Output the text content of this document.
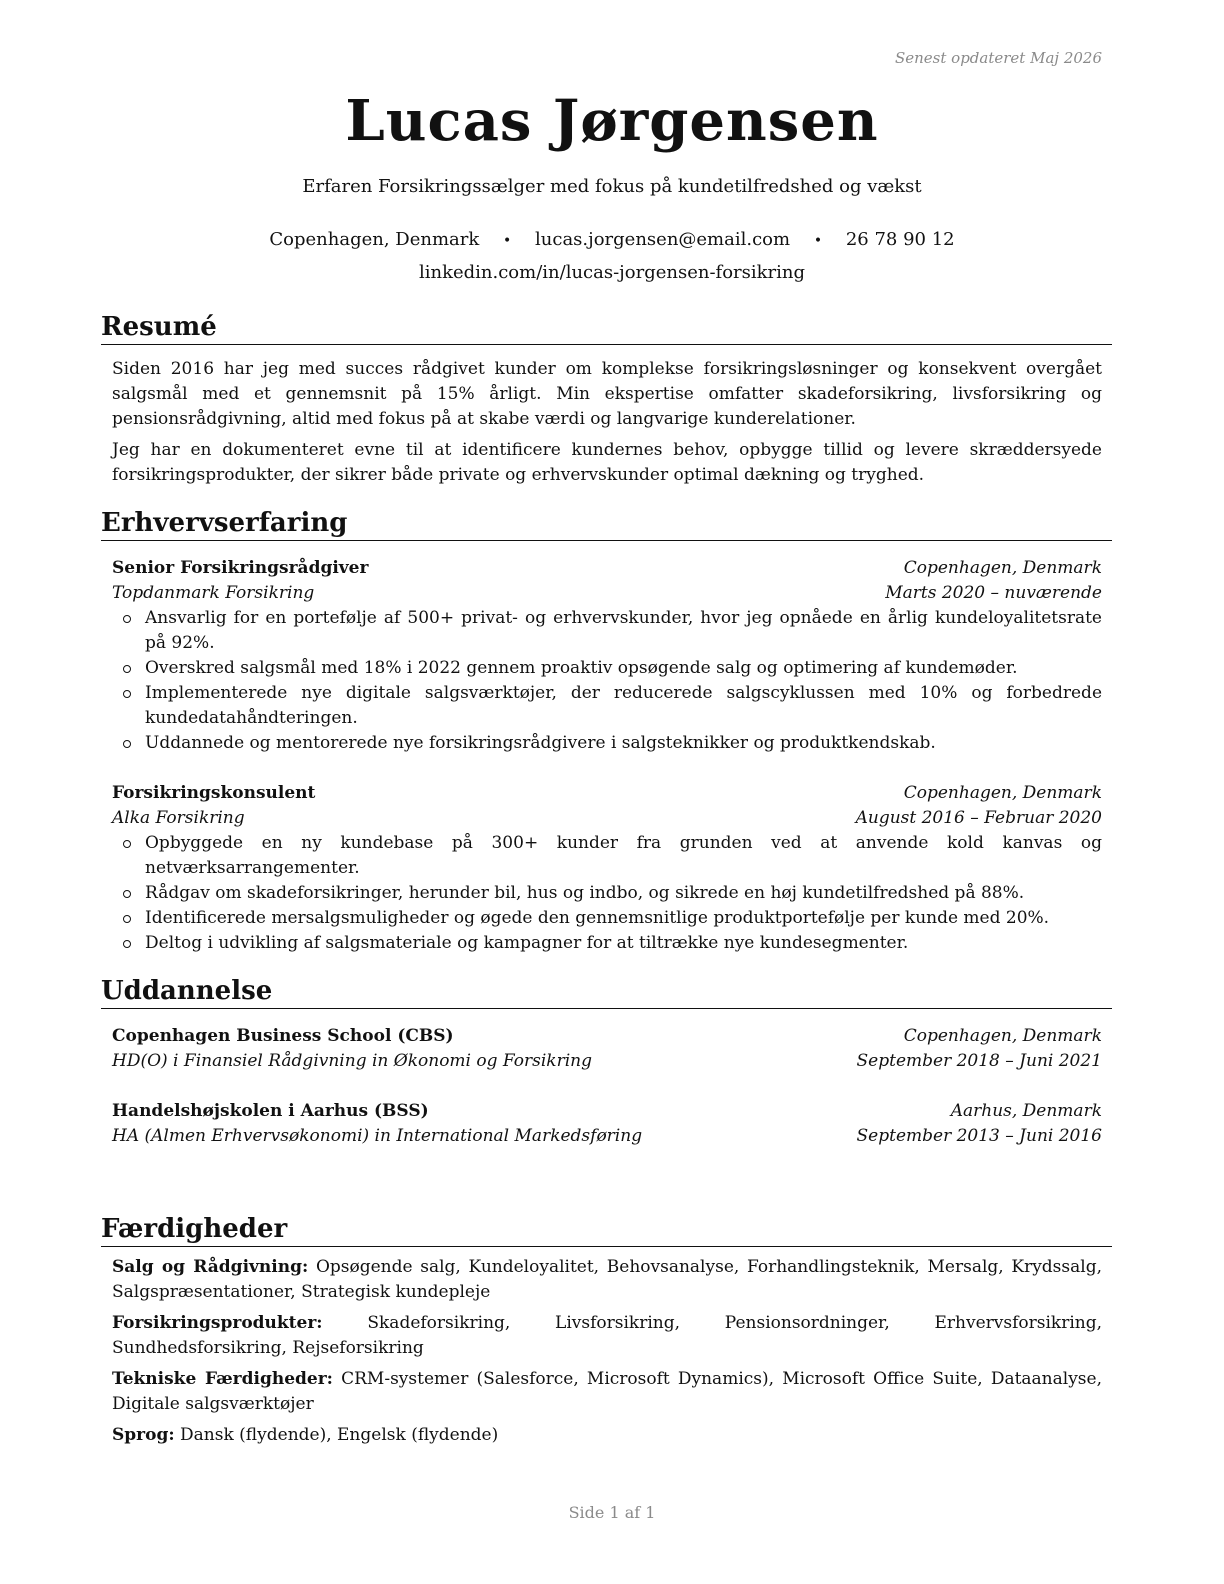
Senest opdateret Maj 2026
Lucas Jørgensen
Erfaren Forsikringssælger med fokus på kundetilfredshed og vækst
Copenhagen, Denmark • lucas.jorgensen@email.com • 26 78 90 12
linkedin.com/in/lucas-jorgensen-forsikring
Resumé

Siden 2016 har jeg med succes rådgivet kunder om komplekse forsikringsløsninger og konsekvent overgået salgsmål med et gennemsnit på 15% årligt. Min ekspertise omfatter skadeforsikring, livsforsikring og pensionsrådgivning, altid med fokus på at skabe værdi og langvarige kunderelationer.

Jeg har en dokumenteret evne til at identificere kundernes behov, opbygge tillid og levere skræddersyede forsikringsprodukter, der sikrer både private og erhvervskunder optimal dækning og tryghed.

Erhvervserfaring
Senior Forsikringsrådgiver	Copenhagen, Denmark
Topdanmark Forsikring	Marts 2020 – nuværende
Ansvarlig for en portefølje af 500+ privat- og erhvervskunder, hvor jeg opnåede en årlig kundeloyalitetsrate på 92%.
Overskred salgsmål med 18% i 2022 gennem proaktiv opsøgende salg og optimering af kundemøder.
Implementerede nye digitale salgsværktøjer, der reducerede salgscyklussen med 10% og forbedrede kundedatahåndteringen.
Uddannede og mentorerede nye forsikringsrådgivere i salgsteknikker og produktkendskab.
Forsikringskonsulent	Copenhagen, Denmark
Alka Forsikring	August 2016 – Februar 2020
Opbyggede en ny kundebase på 300+ kunder fra grunden ved at anvende kold kanvas og netværksarrangementer.
Rådgav om skadeforsikringer, herunder bil, hus og indbo, og sikrede en høj kundetilfredshed på 88%.
Identificerede mersalgsmuligheder og øgede den gennemsnitlige produktportefølje per kunde med 20%.
Deltog i udvikling af salgsmateriale og kampagner for at tiltrække nye kundesegmenter.
Uddannelse
Copenhagen Business School (CBS)	Copenhagen, Denmark
HD(O) i Finansiel Rådgivning in Økonomi og Forsikring	September 2018 – Juni 2021
Handelshøjskolen i Aarhus (BSS)	Aarhus, Denmark
HA (Almen Erhvervsøkonomi) in International Markedsføring	September 2013 – Juni 2016
Færdigheder
Salg og Rådgivning: Opsøgende salg, Kundeloyalitet, Behovsanalyse, Forhandlingsteknik, Mersalg, Krydssalg, Salgspræsentationer, Strategisk kundepleje
Forsikringsprodukter:	Skadeforsikring, Livsforsikring, Pensionsordninger, Erhvervsforsikring, Sundhedsforsikring, Rejseforsikring
Tekniske Færdigheder: CRM-systemer (Salesforce, Microsoft Dynamics), Microsoft Office Suite, Dataanalyse, Digitale salgsværktøjer
Sprog: Dansk (flydende), Engelsk (flydende)
Side 1 af 1
